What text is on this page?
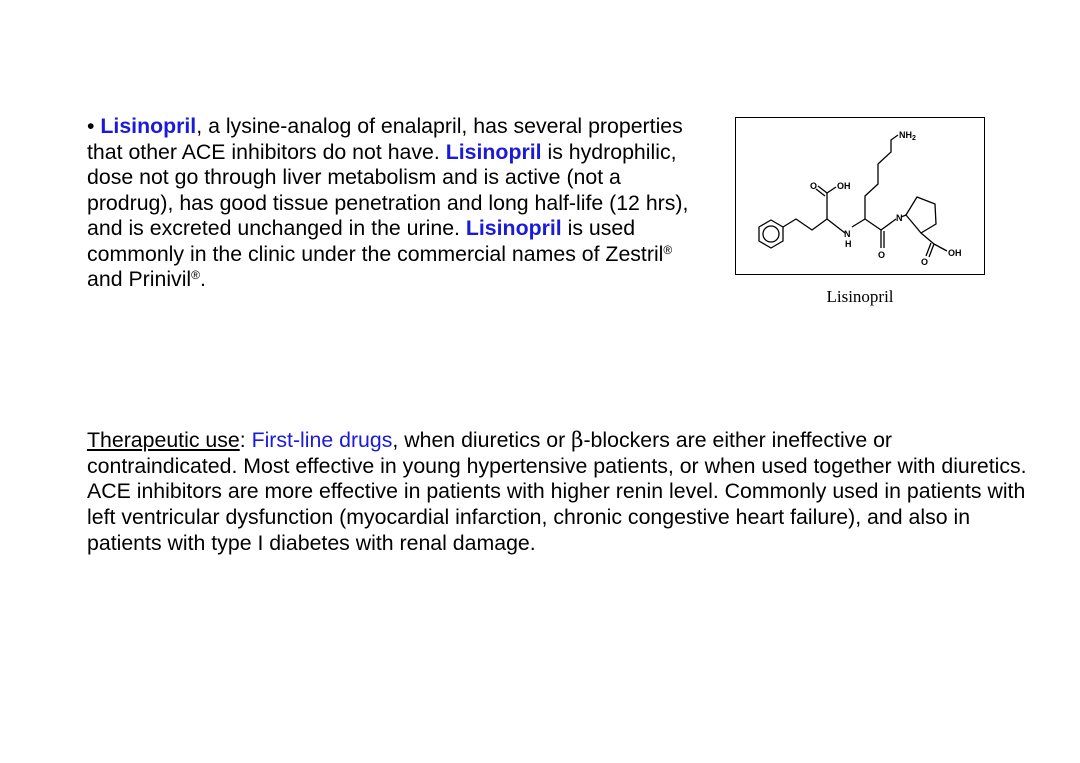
• Lisinopril, a lysine-analog of enalapril, has several properties that other ACE inhibitors do not have. Lisinopril is hydrophilic, dose not go through liver metabolism and is active (not a prodrug), has good tissue penetration and long half-life (12 hrs), and is excreted unchanged in the urine. Lisinopril is used commonly in the clinic under the commercial names of Zestril® and Prinivil®.
$NH_2$
OH
O
N
H
O
N
O
OH
Lisinopril
Therapeutic use: First-line drugs, when diuretics or β-blockers are either ineffective or contraindicated. Most effective in young hypertensive patients, or when used together with diuretics. ACE inhibitors are more effective in patients with higher renin level. Commonly used in patients with left ventricular dysfunction (myocardial infarction, chronic congestive heart failure), and also in patients with type I diabetes with renal damage.
